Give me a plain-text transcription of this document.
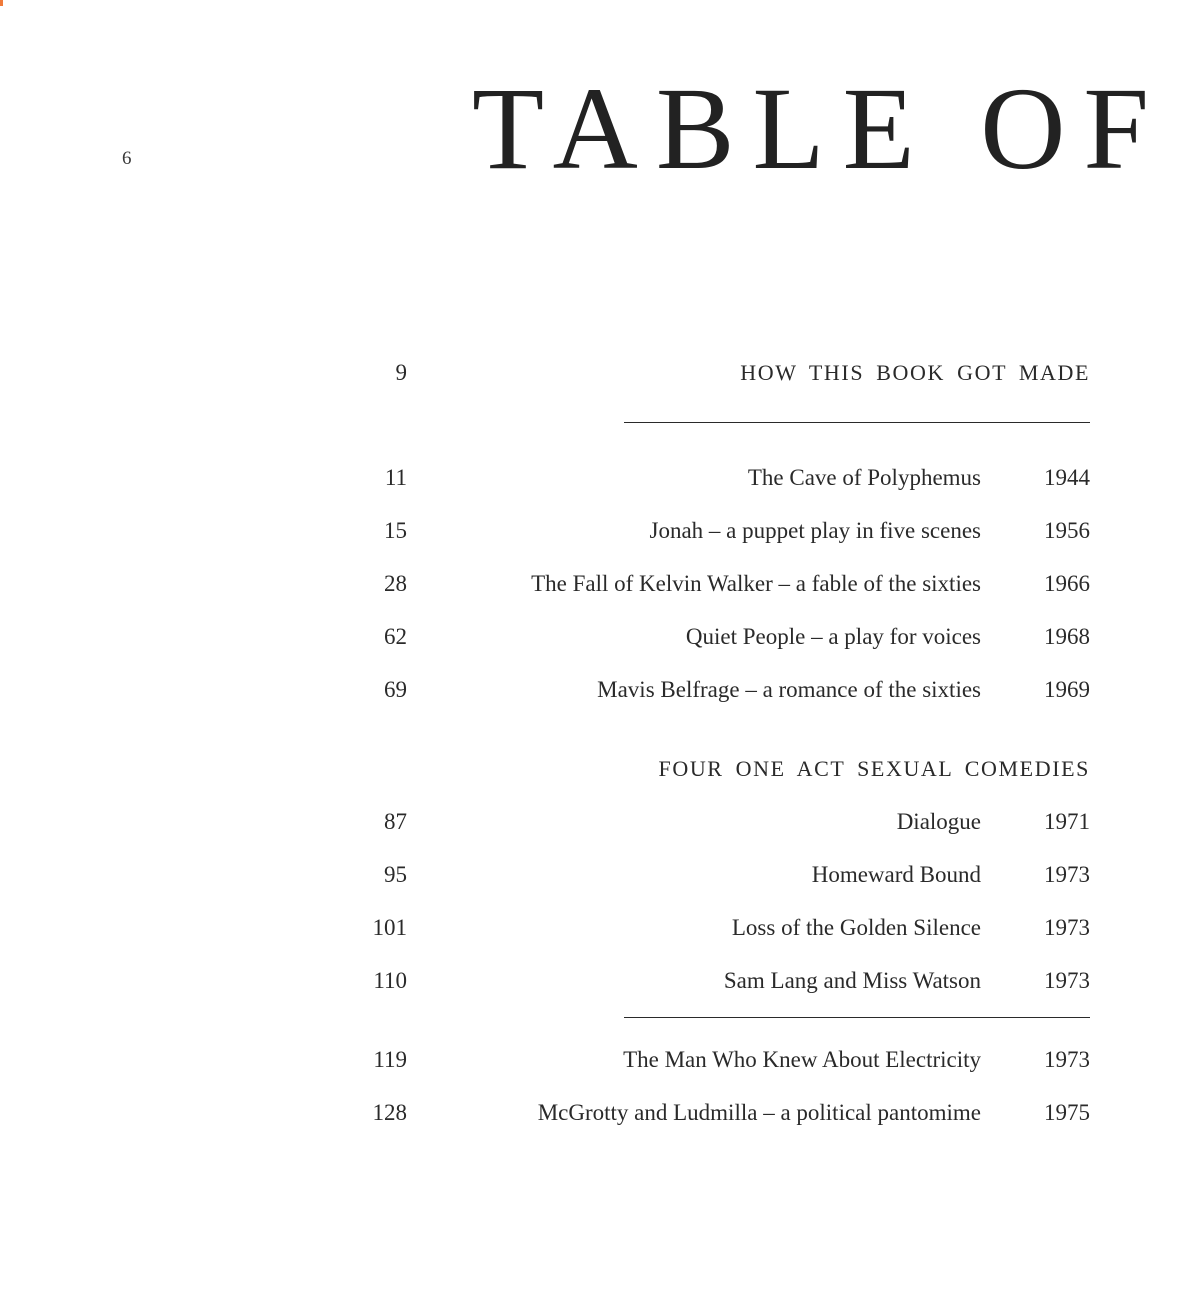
6	TABLE OF
9	HOW THIS BOOK GOT MADE
11	The Cave of Polyphemus	1944
15	Jonah – a puppet play in five scenes	1956
28	The Fall of Kelvin Walker – a fable of the sixties	1966
62	Quiet People – a play for voices	1968
69	Mavis Belfrage – a romance of the sixties	1969
FOUR ONE ACT SEXUAL COMEDIES
87	Dialogue	1971
95	Homeward Bound	1973
101	Loss of the Golden Silence	1973
110	Sam Lang and Miss Watson	1973
119	The Man Who Knew About Electricity	1973
128	McGrotty and Ludmilla – a political pantomime	1975
